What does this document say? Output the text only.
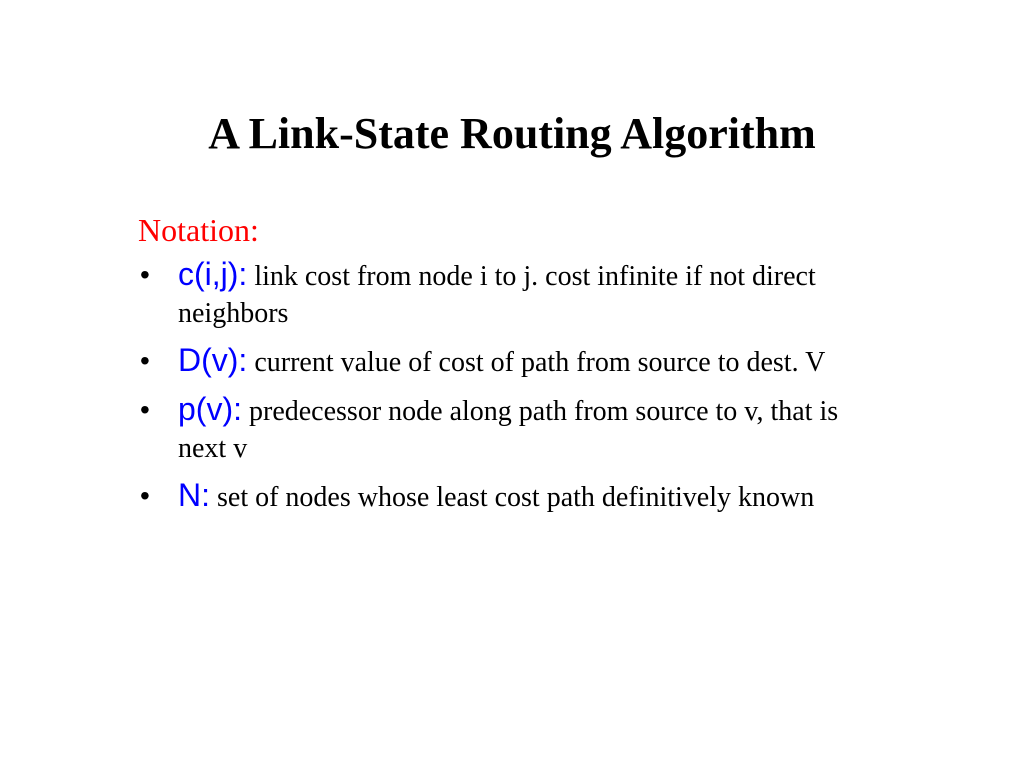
A Link-State Routing Algorithm
Notation:
• c(i,j): link cost from node i to j. cost infinite if not direct neighbors
• D(v): current value of cost of path from source to dest. V
• p(v): predecessor node along path from source to v, that is next v
• N: set of nodes whose least cost path definitively known
